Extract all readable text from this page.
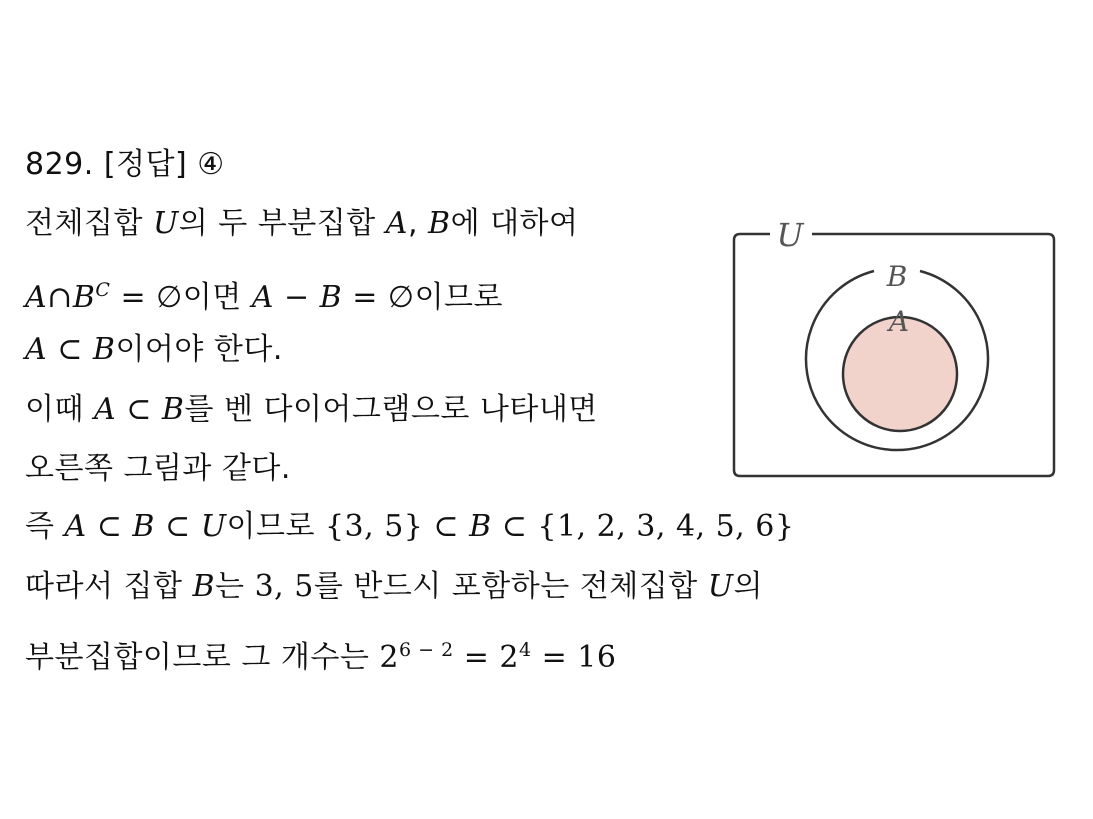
829. [정답] ④
전체집합 U의 두 부분집합 A, B에 대하여
$A\cap B^C$ = ∅이면 A − B = ∅이므로
A ⊂ B이어야 한다.
이때 A ⊂ B를 벤 다이어그램으로 나타내면
오른쪽 그림과 같다.
즉 A ⊂ B ⊂ U이므로 {3, 5} ⊂ B ⊂ {1, 2, 3, 4, 5, 6}
따라서 집합 B는 3, 5를 반드시 포함하는 전체집합 U의
부분집합이므로 그 개수는 $2^{6 - 2} = 2^4 = 16$
U
B
A
